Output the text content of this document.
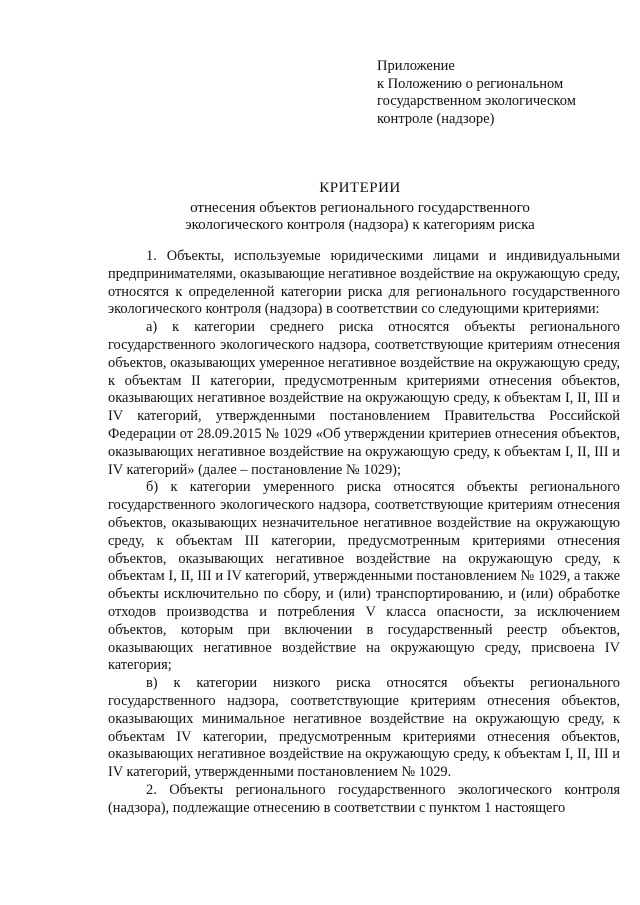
Приложение
к Положению о региональном
государственном экологическом
контроле (надзоре)
КРИТЕРИИ
отнесения объектов регионального государственного
экологического контроля (надзора) к категориям риска

1. Объекты, используемые юридическими лицами и индивидуальными предпринимателями, оказывающие негативное воздействие на окружающую среду, относятся к определенной категории риска для регионального государственного экологического контроля (надзора) в соответствии со следующими критериями:

а) к категории среднего риска относятся объекты регионального государственного экологического надзора, соответствующие критериям отнесения объектов, оказывающих умеренное негативное воздействие на окружающую среду, к объектам II категории, предусмотренным критериями отнесения объектов, оказывающих негативное воздействие на окружающую среду, к объектам I, II, III и IV категорий, утвержденными постановлением Правительства Российской Федерации от 28.09.2015 № 1029 «Об утверждении критериев отнесения объектов, оказывающих негативное воздействие на окружающую среду, к объектам I, II, III и IV категорий» (далее – постановление № 1029);

б) к категории умеренного риска относятся объекты регионального государственного экологического надзора, соответствующие критериям отнесения объектов, оказывающих незначительное негативное воздействие на окружающую среду, к объектам III категории, предусмотренным критериями отнесения объектов, оказывающих негативное воздействие на окружающую среду, к объектам I, II, III и IV категорий, утвержденными постановлением № 1029, а также объекты исключительно по сбору, и (или) транспортированию, и (или) обработке отходов производства и потребления V класса опасности, за исключением объектов, которым при включении в государственный реестр объектов, оказывающих негативное воздействие на окружающую среду, присвоена IV категория;

в) к категории низкого риска относятся объекты регионального государственного надзора, соответствующие критериям отнесения объектов, оказывающих минимальное негативное воздействие на окружающую среду, к объектам IV категории, предусмотренным критериями отнесения объектов, оказывающих негативное воздействие на окружающую среду, к объектам I, II, III и IV категорий, утвержденными постановлением № 1029.

2. Объекты регионального государственного экологического контроля (надзора), подлежащие отнесению в соответствии с пунктом 1 настоящего
